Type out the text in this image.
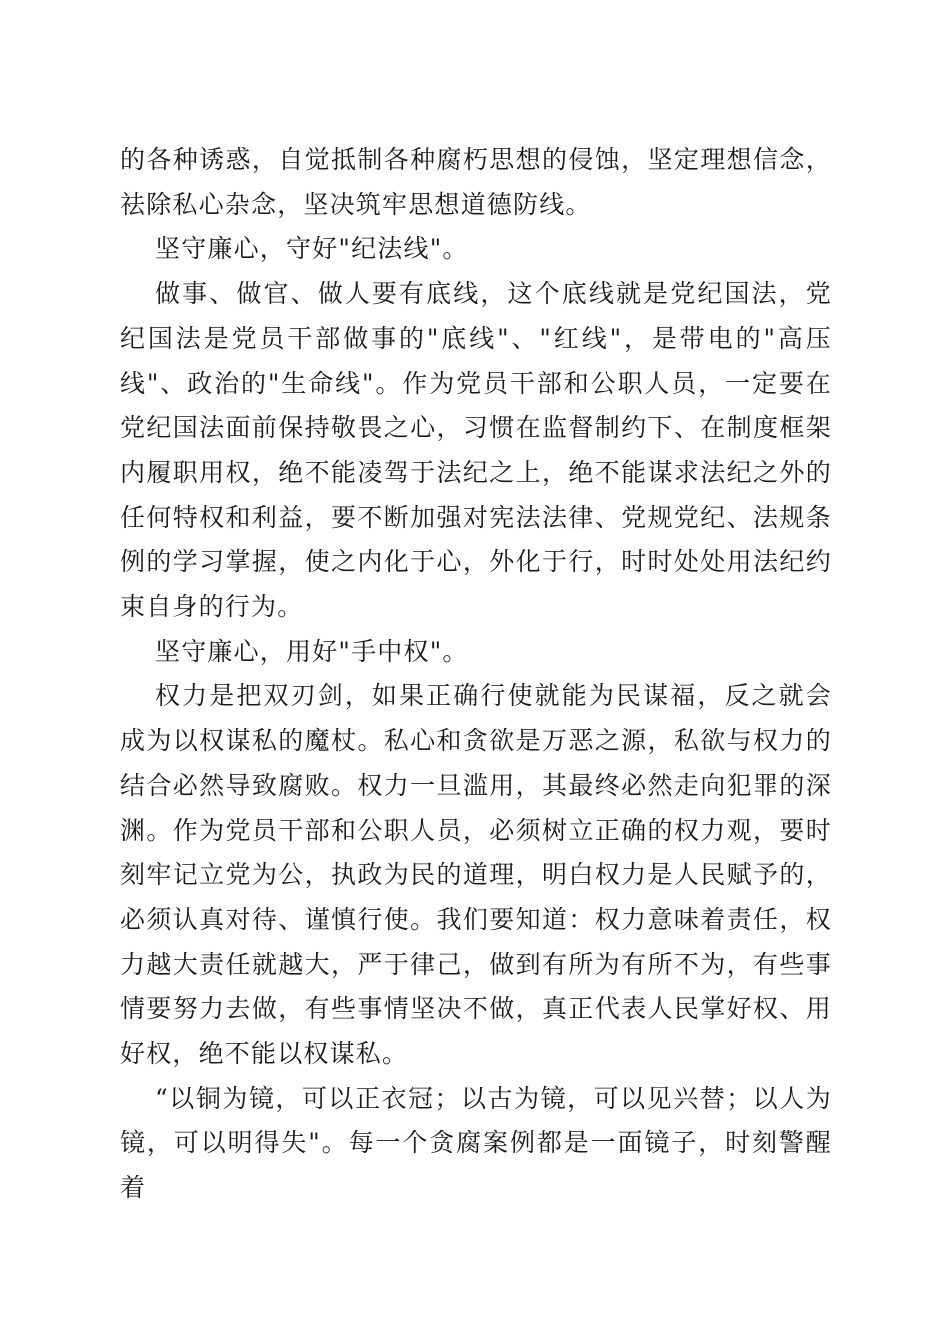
的各种诱惑，自觉抵制各种腐朽思想的侵蚀，坚定理想信念，祛除私心杂念，坚决筑牢思想道德防线。

坚守廉心，守好"纪法线"。

做事、做官、做人要有底线，这个底线就是党纪国法，党纪国法是党员干部做事的"底线"、"红线"，是带电的"高压线"、政治的"生命线"。作为党员干部和公职人员，一定要在党纪国法面前保持敬畏之心，习惯在监督制约下、在制度框架内履职用权，绝不能凌驾于法纪之上，绝不能谋求法纪之外的任何特权和利益，要不断加强对宪法法律、党规党纪、法规条例的学习掌握，使之内化于心，外化于行，时时处处用法纪约束自身的行为。

坚守廉心，用好"手中权"。

权力是把双刃剑，如果正确行使就能为民谋福，反之就会成为以权谋私的魔杖。私心和贪欲是万恶之源，私欲与权力的结合必然导致腐败。权力一旦滥用，其最终必然走向犯罪的深渊。作为党员干部和公职人员，必须树立正确的权力观，要时刻牢记立党为公，执政为民的道理，明白权力是人民赋予的，必须认真对待、谨慎行使。我们要知道：权力意味着责任，权力越大责任就越大，严于律己，做到有所为有所不为，有些事情要努力去做，有些事情坚决不做，真正代表人民掌好权、用好权，绝不能以权谋私。

“以铜为镜，可以正衣冠；以古为镜，可以见兴替；以人为镜，可以明得失"。每一个贪腐案例都是一面镜子，时刻警醒着
